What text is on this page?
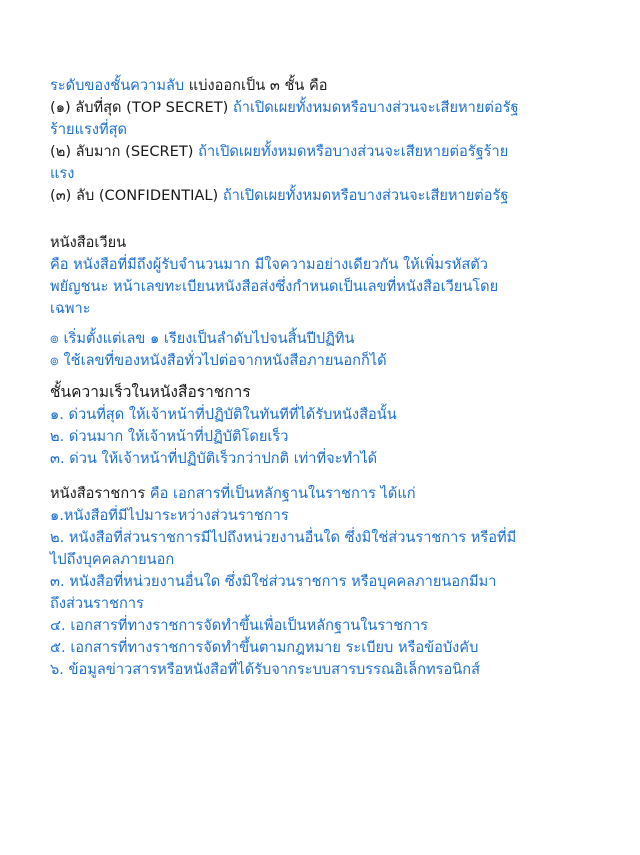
ระดับของชั้นความลับ แบ่งออกเป็น ๓ ชั้น คือ
(๑) ลับที่สุด (TOP SECRET) ถ้าเปิดเผยทั้งหมดหรือบางส่วนจะเสียหายต่อรัฐ
ร้ายแรงที่สุด
(๒) ลับมาก (SECRET) ถ้าเปิดเผยทั้งหมดหรือบางส่วนจะเสียหายต่อรัฐร้าย
แรง
(๓) ลับ (CONFIDENTIAL) ถ้าเปิดเผยทั้งหมดหรือบางส่วนจะเสียหายต่อรัฐ
หนังสือเวียน
คือ หนังสือที่มีถึงผู้รับจำนวนมาก มีใจความอย่างเดียวกัน ให้เพิ่มรหัสตัว
พยัญชนะ หน้าเลขทะเบียนหนังสือส่งซึ่งกำหนดเป็นเลขที่หนังสือเวียนโดย
เฉพาะ
๏ เริ่มตั้งแต่เลข ๑ เรียงเป็นลำดับไปจนสิ้นปีปฏิทิน
๏ ใช้เลขที่ของหนังสือทั่วไปต่อจากหนังสือภายนอกก็ได้
ชั้นความเร็วในหนังสือราชการ
๑. ด่วนที่สุด ให้เจ้าหน้าที่ปฏิบัติในทันทีที่ได้รับหนังสือนั้น
๒. ด่วนมาก ให้เจ้าหน้าที่ปฏิบัติโดยเร็ว
๓. ด่วน ให้เจ้าหน้าที่ปฏิบัติเร็วกว่าปกติ เท่าที่จะทำได้
หนังสือราชการ คือ เอกสารที่เป็นหลักฐานในราชการ ได้แก่
๑.หนังสือที่มีไปมาระหว่างส่วนราชการ
๒. หนังสือที่ส่วนราชการมีไปถึงหน่วยงานอื่นใด ซึ่งมิใช่ส่วนราชการ หรือที่มี
ไปถึงบุคคลภายนอก
๓. หนังสือที่หน่วยงานอื่นใด ซึ่งมิใช่ส่วนราชการ หรือบุคคลภายนอกมีมา
ถึงส่วนราชการ
๔. เอกสารที่ทางราชการจัดทำขึ้นเพื่อเป็นหลักฐานในราชการ
๕. เอกสารที่ทางราชการจัดทำขึ้นตามกฎหมาย ระเบียบ หรือข้อบังคับ
๖. ข้อมูลข่าวสารหรือหนังสือที่ได้รับจากระบบสารบรรณอิเล็กทรอนิกส์
